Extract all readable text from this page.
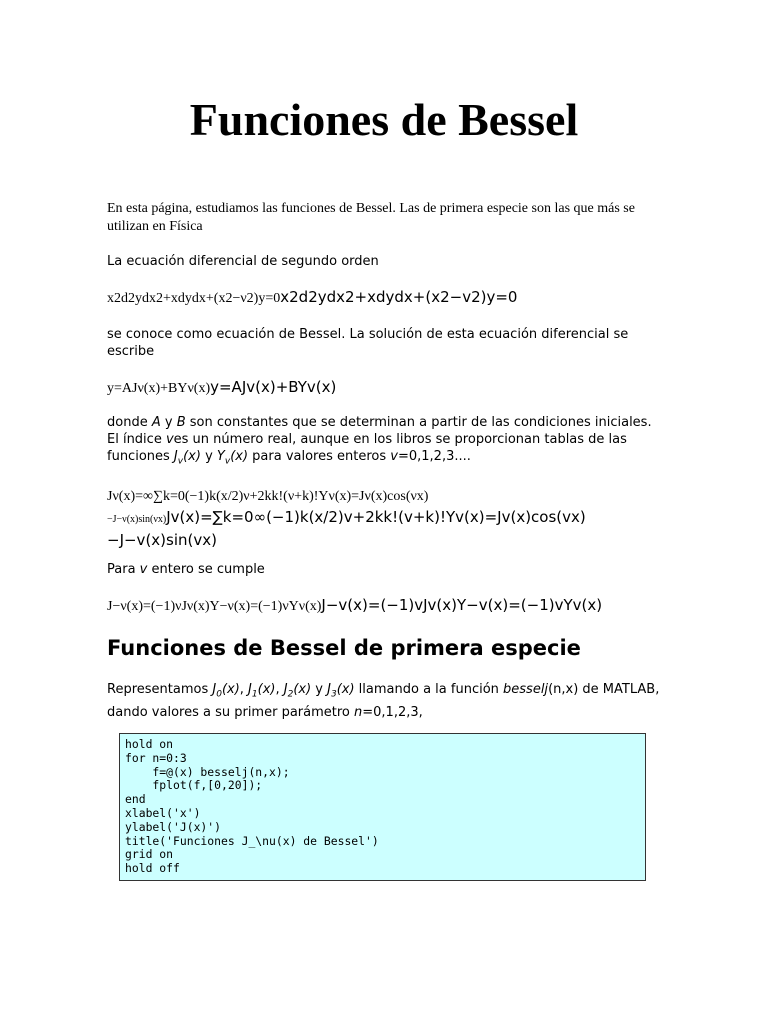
Funciones de Bessel

En esta página, estudiamos las funciones de Bessel. Las de primera especie son las que más se utilizan en Física

La ecuación diferencial de segundo orden

x2d2ydx2+xdydx+(x2−ν2)y=0x2d2ydx2+xdydx+(x2−v2)y=0

se conoce como ecuación de Bessel. La solución de esta ecuación diferencial se escribe

y=AJν(x)+BYν(x)y=AJv(x)+BYv(x)

donde A y B son constantes que se determinan a partir de las condiciones iniciales. El índice ves un número real, aunque en los libros se proporcionan tablas de las funciones $J_v(x)$ y $Y_v(x)$ para valores enteros v=0,1,2,3....

Jν(x)=∞∑k=0(−1)k(x/2)ν+2kk!(ν+k)!Yν(x)=Jν(x)cos(νx)
−J−ν(x)sin(νx)Jv(x)=∑k=0∞(−1)k(x/2)v+2kk!(v+k)!Yv(x)=Jv(x)cos(vx)
−J−v(x)sin(vx)

Para v entero se cumple

J−ν(x)=(−1)νJν(x)Y−ν(x)=(−1)νYν(x)J−v(x)=(−1)vJv(x)Y−v(x)=(−1)vYv(x)
Funciones de Bessel de primera especie

Representamos $J_0(x)$, $J_1(x)$, $J_2(x)$ y $J_3(x)$ llamando a la función besselj(n,x) de MATLAB, dando valores a su primer parámetro n=0,1,2,3,

hold on
for n=0:3
f=@(x) besselj(n,x);
fplot(f,[0,20]);
end
xlabel('x')
ylabel('J(x)')
title('Funciones J_\nu(x) de Bessel')
grid on
hold off
